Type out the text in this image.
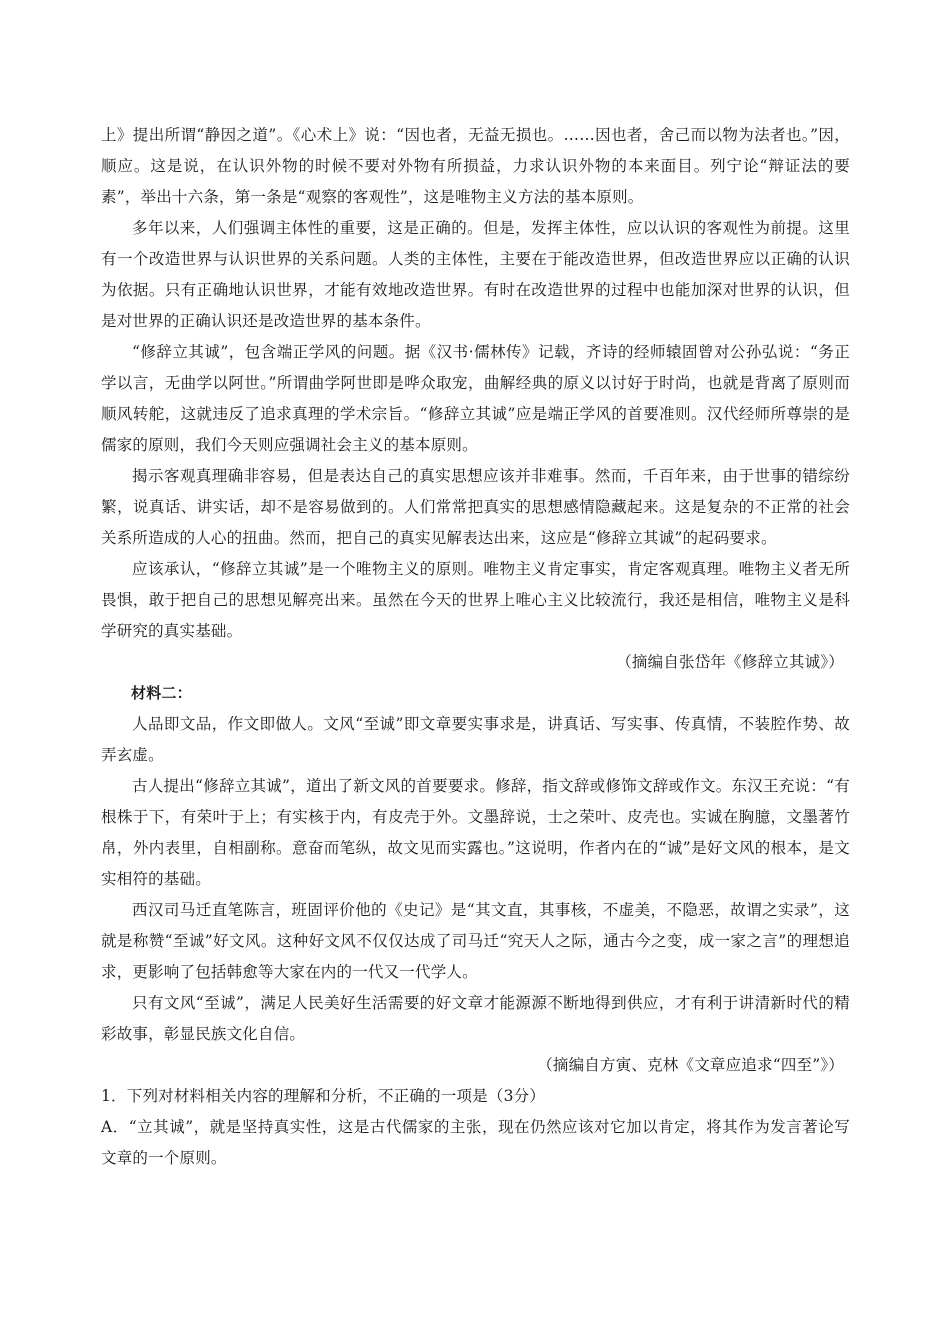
上》提出所谓“静因之道”。《心术上》说：“因也者，无益无损也。……因也者，舍己而以物为法者也。”因，顺应。这是说，在认识外物的时候不要对外物有所损益，力求认识外物的本来面目。列宁论“辩证法的要素”，举出十六条，第一条是“观察的客观性”，这是唯物主义方法的基本原则。

多年以来，人们强调主体性的重要，这是正确的。但是，发挥主体性，应以认识的客观性为前提。这里有一个改造世界与认识世界的关系问题。人类的主体性，主要在于能改造世界，但改造世界应以正确的认识为依据。只有正确地认识世界，才能有效地改造世界。有时在改造世界的过程中也能加深对世界的认识，但是对世界的正确认识还是改造世界的基本条件。

“修辞立其诚”，包含端正学风的问题。据《汉书·儒林传》记载，齐诗的经师辕固曾对公孙弘说：“务正学以言，无曲学以阿世。”所谓曲学阿世即是哗众取宠，曲解经典的原义以讨好于时尚，也就是背离了原则而顺风转舵，这就违反了追求真理的学术宗旨。“修辞立其诚”应是端正学风的首要准则。汉代经师所尊崇的是儒家的原则，我们今天则应强调社会主义的基本原则。

揭示客观真理确非容易，但是表达自己的真实思想应该并非难事。然而，千百年来，由于世事的错综纷繁，说真话、讲实话，却不是容易做到的。人们常常把真实的思想感情隐藏起来。这是复杂的不正常的社会关系所造成的人心的扭曲。然而，把自己的真实见解表达出来，这应是“修辞立其诚”的起码要求。

应该承认，“修辞立其诚”是一个唯物主义的原则。唯物主义肯定事实，肯定客观真理。唯物主义者无所畏惧，敢于把自己的思想见解亮出来。虽然在今天的世界上唯心主义比较流行，我还是相信，唯物主义是科学研究的真实基础。

（摘编自张岱年《修辞立其诚》）

材料二：

人品即文品，作文即做人。文风“至诚”即文章要实事求是，讲真话、写实事、传真情，不装腔作势、故弄玄虚。

古人提出“修辞立其诚”，道出了新文风的首要要求。修辞，指文辞或修饰文辞或作文。东汉王充说：“有根株于下，有荣叶于上；有实核于内，有皮壳于外。文墨辞说，士之荣叶、皮壳也。实诚在胸臆，文墨著竹帛，外内表里，自相副称。意奋而笔纵，故文见而实露也。”这说明，作者内在的“诚”是好文风的根本，是文实相符的基础。

西汉司马迁直笔陈言，班固评价他的《史记》是“其文直，其事核，不虚美，不隐恶，故谓之实录”，这就是称赞“至诚”好文风。这种好文风不仅仅达成了司马迁“究天人之际，通古今之变，成一家之言”的理想追求，更影响了包括韩愈等大家在内的一代又一代学人。

只有文风“至诚”，满足人民美好生活需要的好文章才能源源不断地得到供应，才有利于讲清新时代的精彩故事，彰显民族文化自信。

（摘编自方寅、克林《文章应追求“四至”》）

1．下列对材料相关内容的理解和分析，不正确的一项是（3分）

A．“立其诚”，就是坚持真实性，这是古代儒家的主张，现在仍然应该对它加以肯定，将其作为发言著论写文章的一个原则。
